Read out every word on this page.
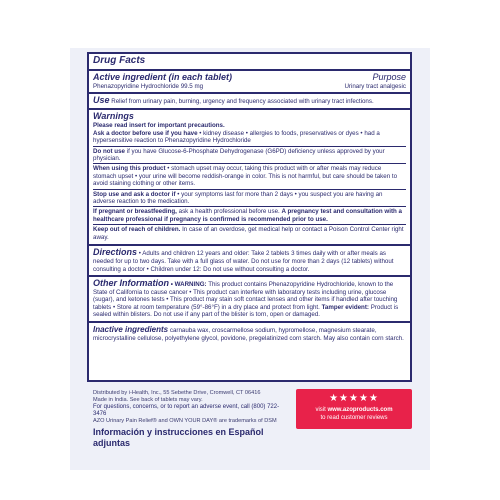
Drug Facts
Active ingredient (in each tablet)	Purpose
Phenazopyridine Hydrochloride 99.5 mg	Urinary tract analgesic
Use Relief from urinary pain, burning, urgency and frequency associated with urinary tract infections.
Warnings
Please read insert for important precautions.
Ask a doctor before use if you have • kidney disease • allergies to foods, preservatives or dyes • had a hypersensitive reaction to Phenazopyridine Hydrochloride
Do not use if you have Glucose-6-Phosphate Dehydrogenase (G6PD) deficiency unless approved by your physician.
When using this product • stomach upset may occur, taking this product with or after meals may reduce stomach upset • your urine will become reddish-orange in color. This is not harmful, but care should be taken to avoid staining clothing or other items.
Stop use and ask a doctor if • your symptoms last for more than 2 days • you suspect you are having an adverse reaction to the medication.
If pregnant or breastfeeding, ask a health professional before use. A pregnancy test and consultation with a healthcare professional if pregnancy is confirmed is recommended prior to use.
Keep out of reach of children. In case of an overdose, get medical help or contact a Poison Control Center right away.
Directions • Adults and children 12 years and older: Take 2 tablets 3 times daily with or after meals as needed for up to two days. Take with a full glass of water. Do not use for more than 2 days (12 tablets) without consulting a doctor • Children under 12: Do not use without consulting a doctor.
Other Information • WARNING: This product contains Phenazopyridine Hydrochloride, known to the State of California to cause cancer • This product can interfere with laboratory tests including urine, glucose (sugar), and ketones tests • This product may stain soft contact lenses and other items if handled after touching tablets • Store at room temperature (59°-86°F) in a dry place and protect from light. Tamper evident: Product is sealed within blisters. Do not use if any part of the blister is torn, open or damaged.
Inactive ingredients carnauba wax, croscarmellose sodium, hypromellose, magnesium stearate, microcrystalline cellulose, polyethylene glycol, povidone, pregelatinized corn starch. May also contain corn starch.
Distributed by i-Health, Inc., 55 Sebethe Drive, Cromwell, CT 06416
Made in India. See back of tablets may vary.
For questions, concerns, or to report an adverse event, call (800) 722-3476
AZO Urinary Pain Relief® and OWN YOUR DAY® are trademarks of DSM
Información y instrucciones en Español adjuntas
★★★★★
visit www.azoproducts.com
to read customer reviews
